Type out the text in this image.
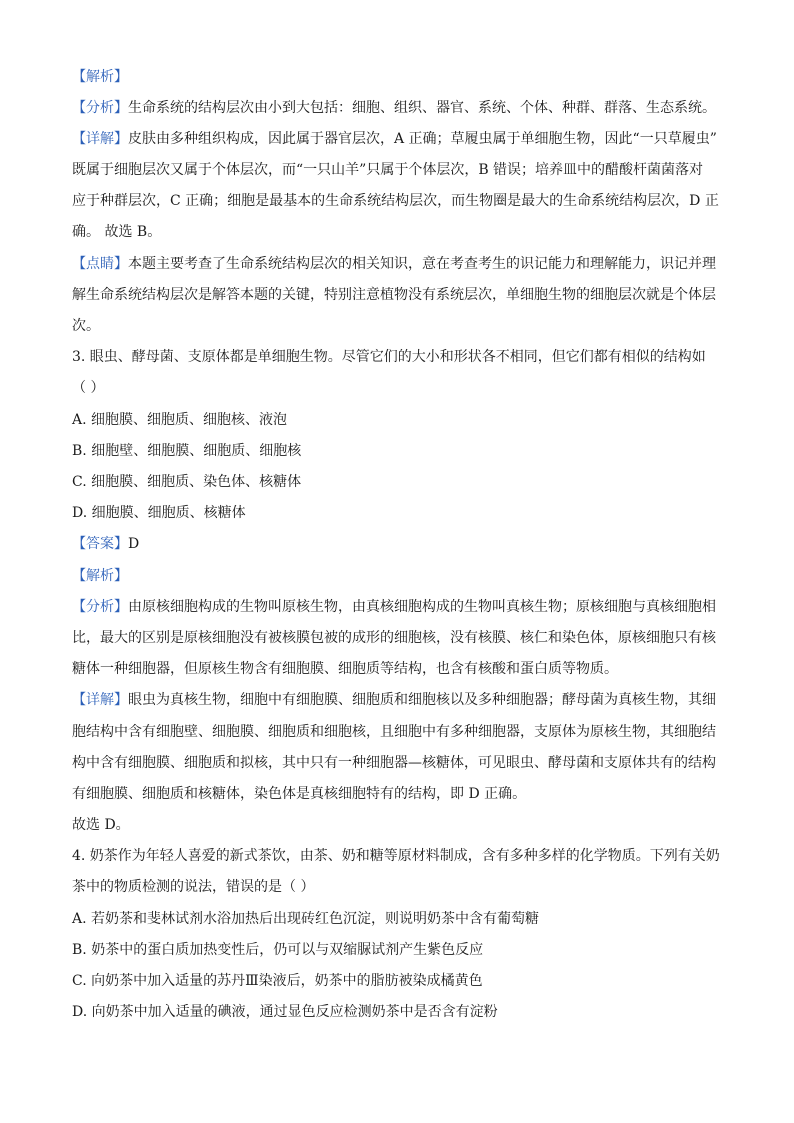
【解析】
【分析】生命系统的结构层次由小到大包括：细胞、组织、器官、系统、个体、种群、群落、生态系统。
【详解】皮肤由多种组织构成，因此属于器官层次，A 正确；草履虫属于单细胞生物，因此“一只草履虫”
既属于细胞层次又属于个体层次，而“一只山羊”只属于个体层次，B 错误；培养皿中的醋酸杆菌菌落对
应于种群层次，C 正确；细胞是最基本的生命系统结构层次，而生物圈是最大的生命系统结构层次，D 正
确。 故选 B。
【点睛】本题主要考查了生命系统结构层次的相关知识，意在考查考生的识记能力和理解能力，识记并理
解生命系统结构层次是解答本题的关键，特别注意植物没有系统层次，单细胞生物的细胞层次就是个体层
次。
3. 眼虫、酵母菌、支原体都是单细胞生物。尽管它们的大小和形状各不相同，但它们都有相似的结构如
（ ）
A. 细胞膜、细胞质、细胞核、液泡
B. 细胞壁、细胞膜、细胞质、细胞核
C. 细胞膜、细胞质、染色体、核糖体
D. 细胞膜、细胞质、核糖体
【答案】D
【解析】
【分析】由原核细胞构成的生物叫原核生物，由真核细胞构成的生物叫真核生物；原核细胞与真核细胞相
比，最大的区别是原核细胞没有被核膜包被的成形的细胞核，没有核膜、核仁和染色体，原核细胞只有核
糖体一种细胞器，但原核生物含有细胞膜、细胞质等结构，也含有核酸和蛋白质等物质。
【详解】眼虫为真核生物，细胞中有细胞膜、细胞质和细胞核以及多种细胞器；酵母菌为真核生物，其细
胞结构中含有细胞壁、细胞膜、细胞质和细胞核，且细胞中有多种细胞器，支原体为原核生物，其细胞结
构中含有细胞膜、细胞质和拟核，其中只有一种细胞器—核糖体，可见眼虫、酵母菌和支原体共有的结构
有细胞膜、细胞质和核糖体，染色体是真核细胞特有的结构，即 D 正确。
故选 D。
4. 奶茶作为年轻人喜爱的新式茶饮，由茶、奶和糖等原材料制成，含有多种多样的化学物质。下列有关奶
茶中的物质检测的说法，错误的是（ ）
A. 若奶茶和斐林试剂水浴加热后出现砖红色沉淀，则说明奶茶中含有葡萄糖
B. 奶茶中的蛋白质加热变性后，仍可以与双缩脲试剂产生紫色反应
C. 向奶茶中加入适量的苏丹Ⅲ染液后，奶茶中的脂肪被染成橘黄色
D. 向奶茶中加入适量的碘液，通过显色反应检测奶茶中是否含有淀粉
